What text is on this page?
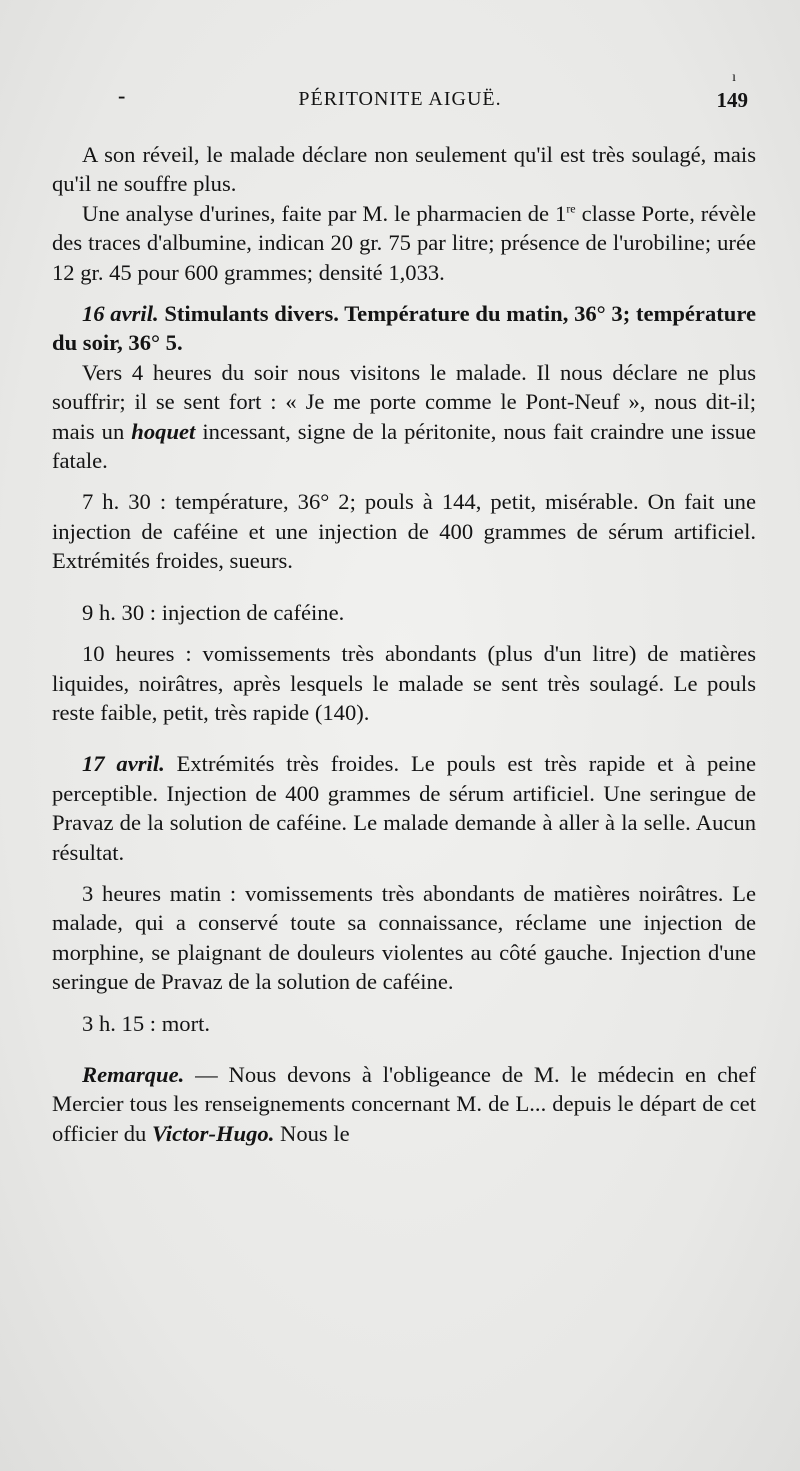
-
ı
PÉRITONITE AIGUË.	149

A son réveil, le malade déclare non seulement qu'il est très soulagé, mais qu'il ne souffre plus.

Une analyse d'urines, faite par M. le pharmacien de 1re classe Porte, révèle des traces d'albumine, indican 20 gr. 75 par litre; présence de l'urobiline; urée 12 gr. 45 pour 600 grammes; densité 1,033.

16 avril. Stimulants divers. Température du matin, 36° 3; température du soir, 36° 5.

Vers 4 heures du soir nous visitons le malade. Il nous déclare ne plus souffrir; il se sent fort : « Je me porte comme le Pont-Neuf », nous dit-il; mais un hoquet incessant, signe de la péritonite, nous fait craindre une issue fatale.

7 h. 30 : température, 36° 2; pouls à 144, petit, misérable. On fait une injection de caféine et une injection de 400 grammes de sérum artificiel. Extrémités froides, sueurs.

9 h. 30 : injection de caféine.

10 heures : vomissements très abondants (plus d'un litre) de matières liquides, noirâtres, après lesquels le malade se sent très soulagé. Le pouls reste faible, petit, très rapide (140).

17 avril. Extrémités très froides. Le pouls est très rapide et à peine perceptible. Injection de 400 grammes de sérum artificiel. Une seringue de Pravaz de la solution de caféine. Le malade demande à aller à la selle. Aucun résultat.

3 heures matin : vomissements très abondants de matières noirâtres. Le malade, qui a conservé toute sa connaissance, réclame une injection de morphine, se plaignant de douleurs violentes au côté gauche. Injection d'une seringue de Pravaz de la solution de caféine.

3 h. 15 : mort.

Remarque. — Nous devons à l'obligeance de M. le médecin en chef Mercier tous les renseignements concernant M. de L... depuis le départ de cet officier du Victor-Hugo. Nous le
